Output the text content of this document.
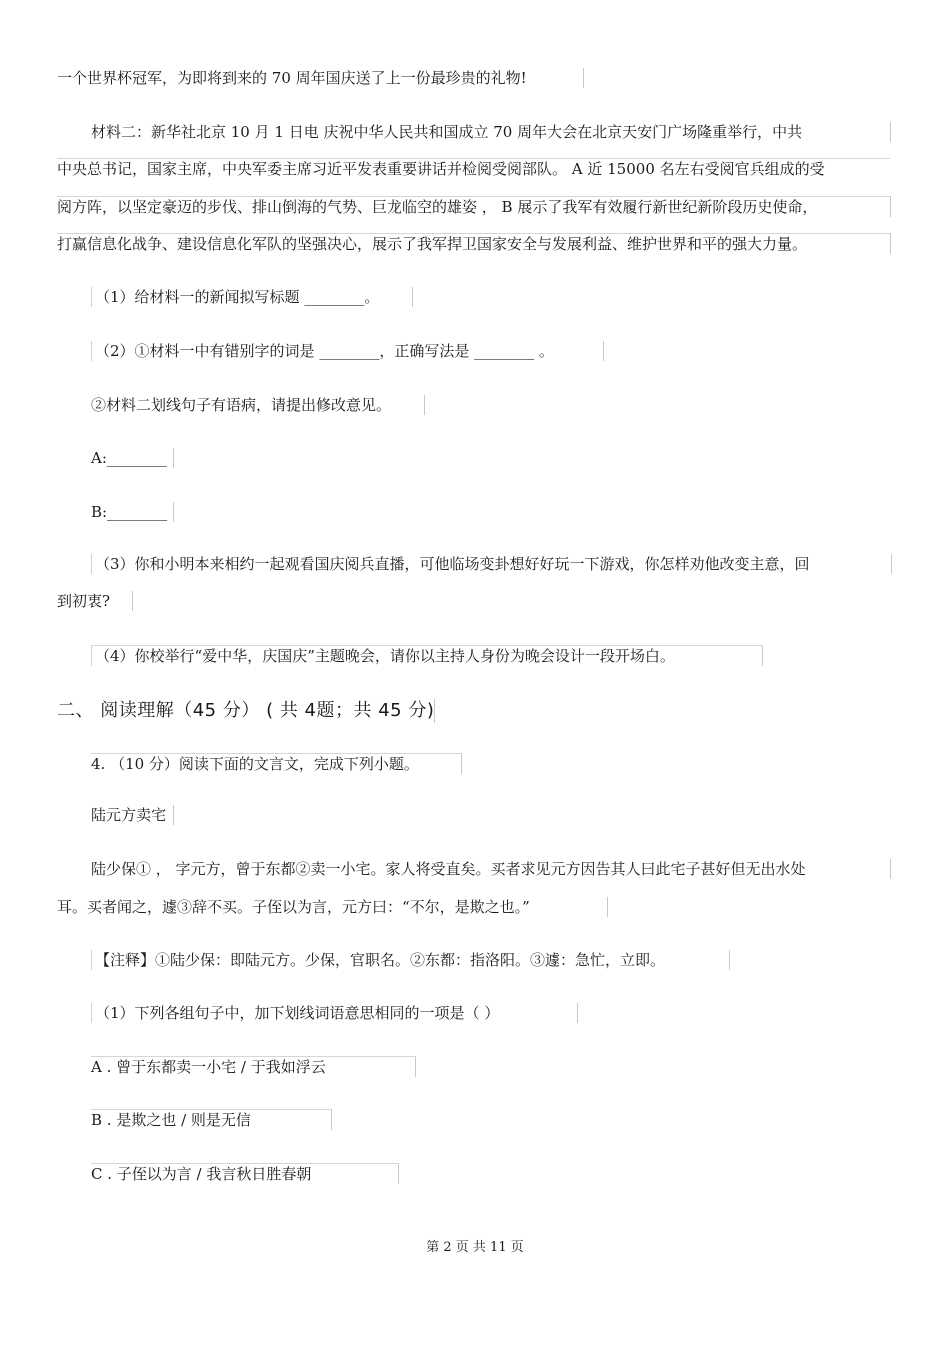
一个世界杯冠军，为即将到来的 70 周年国庆送了上一份最珍贵的礼物!
材料二：新华社北京 10 月 1 日电 庆祝中华人民共和国成立 70 周年大会在北京天安门广场隆重举行，中共
中央总书记，国家主席，中央军委主席习近平发表重要讲话并检阅受阅部队。 A 近 15000 名左右受阅官兵组成的受
阅方阵，以坚定豪迈的步伐、排山倒海的气势、巨龙临空的雄姿 ， B 展示了我军有效履行新世纪新阶段历史使命，
打赢信息化战争、建设信息化军队的坚强决心，展示了我军捍卫国家安全与发展利益、维护世界和平的强大力量。
（1）给材料一的新闻拟写标题 ________。
（2）①材料一中有错别字的词是 ________，正确写法是 ________ 。
②材料二划线句子有语病，请提出修改意见。
A:________
B:________
（3）你和小明本来相约一起观看国庆阅兵直播，可他临场变卦想好好玩一下游戏，你怎样劝他改变主意，回
到初衷?
（4）你校举行“爱中华，庆国庆”主题晚会，请你以主持人身份为晚会设计一段开场白。
二、 阅读理解（45 分） ( 共 4题；共 45 分)
4. （10 分）阅读下面的文言文，完成下列小题。
陆元方卖宅
陆少保① ， 字元方，曾于东都②卖一小宅。家人将受直矣。买者求见元方因告其人曰此宅子甚好但无出水处
耳。买者闻之，遽③辞不买。子侄以为言，元方曰：“不尔，是欺之也。”
【注释】①陆少保：即陆元方。少保，官职名。②东都：指洛阳。③遽：急忙，立即。
（1）下列各组句子中，加下划线词语意思相同的一项是（ ）
A . 曾于东都卖一小宅 / 于我如浮云
B . 是欺之也 / 则是无信
C . 子侄以为言 / 我言秋日胜春朝
第 2 页 共 11 页
